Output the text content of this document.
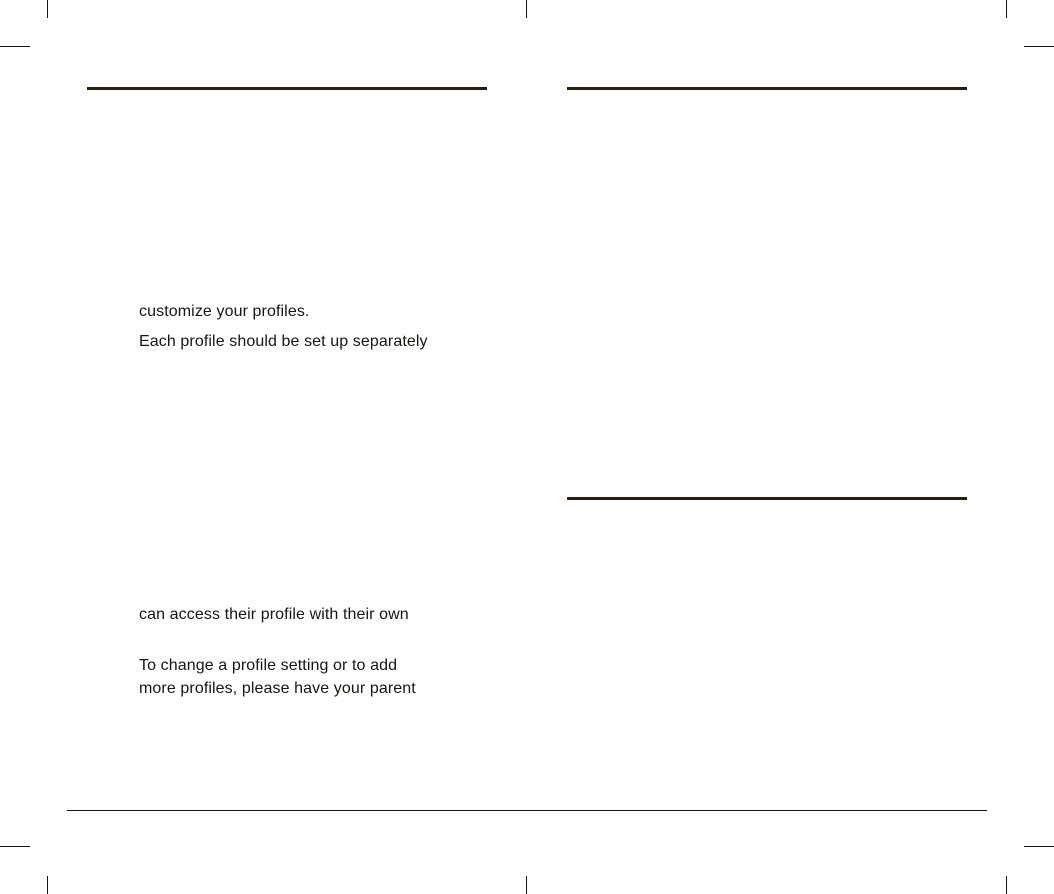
customize your profiles.
Each profile should be set up separately
can access their profile with their own
To change a profile setting or to add
more profiles, please have your parent
